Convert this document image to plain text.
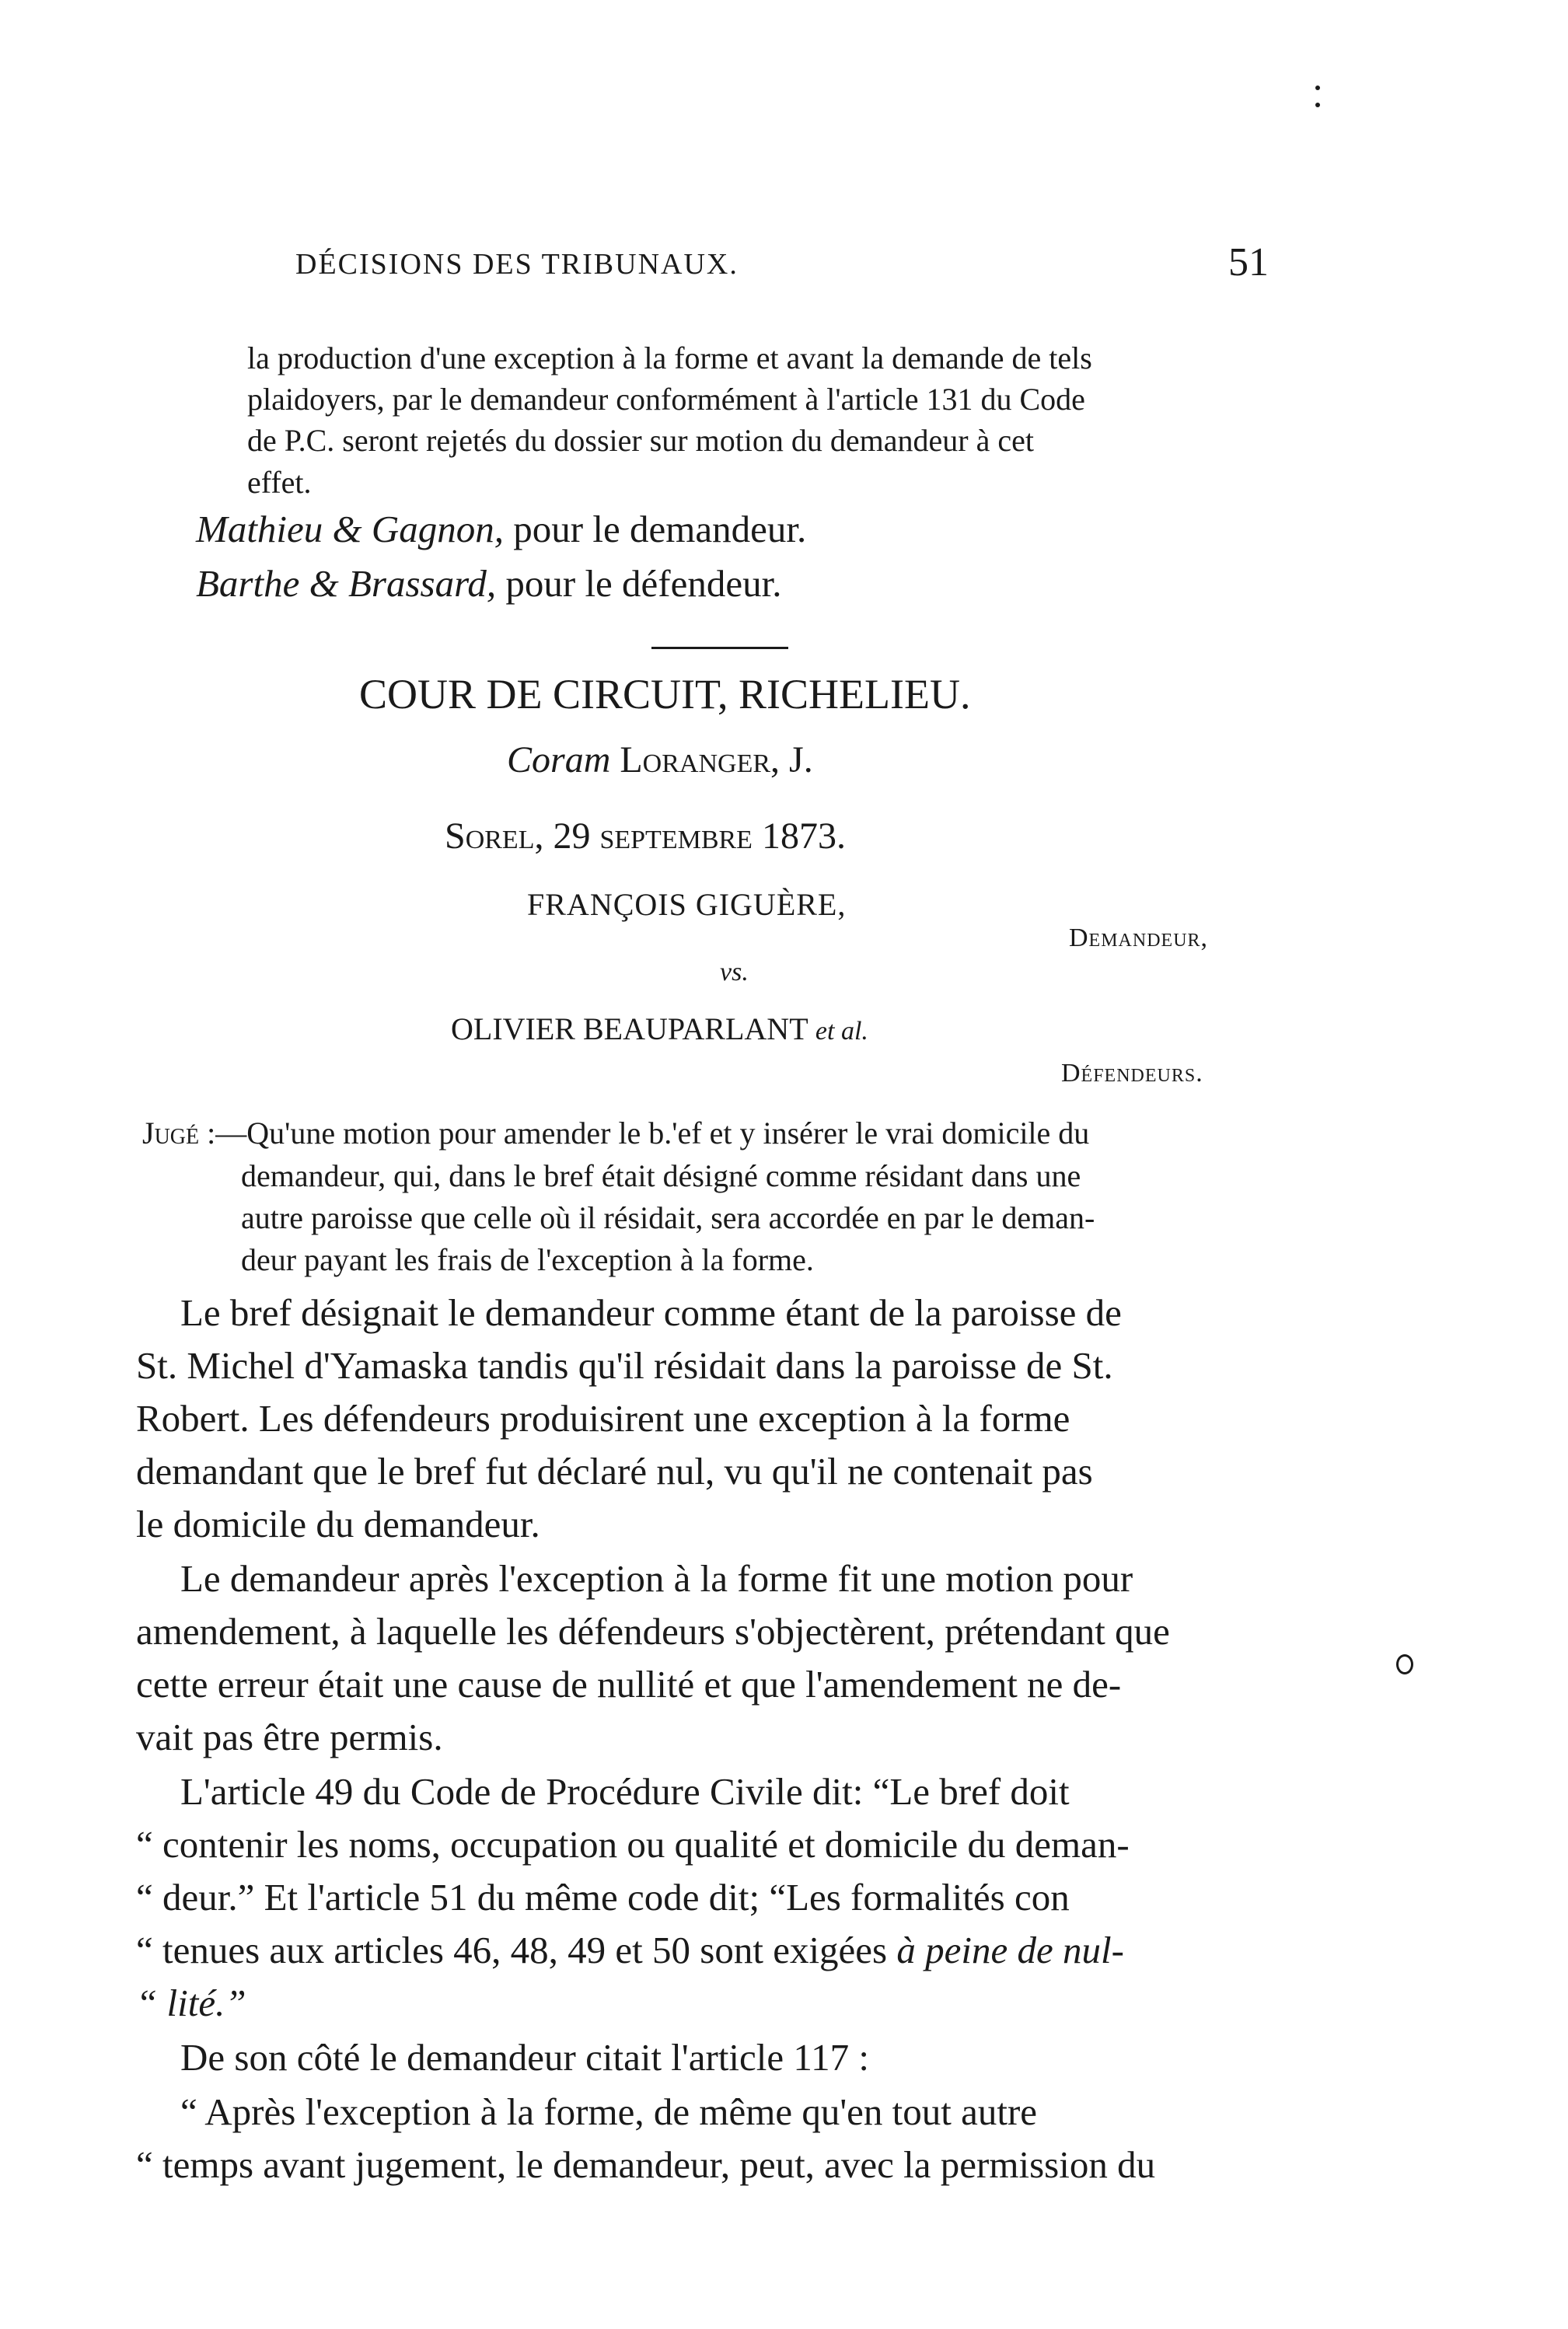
DÉCISIONS DES TRIBUNAUX.	51
la production d'une exception à la forme et avant la demande de tels
plaidoyers, par le demandeur conformément à l'article 131 du Code
de P.C. seront rejetés du dossier sur motion du demandeur à cet
effet.
Mathieu & Gagnon, pour le demandeur.
Barthe & Brassard, pour le défendeur.
COUR DE CIRCUIT, RICHELIEU.
Coram Loranger, J.
Sorel, 29 septembre 1873.
FRANÇOIS GIGUÈRE,
Demandeur,
vs.
OLIVIER BEAUPARLANT et al.
Défendeurs.
Jugé :—Qu'une motion pour amender le b.'ef et y insérer le vrai domicile du
demandeur, qui, dans le bref était désigné comme résidant dans une
autre paroisse que celle où il résidait, sera accordée en par le deman-
deur payant les frais de l'exception à la forme.
Le bref désignait le demandeur comme étant de la paroisse de
St. Michel d'Yamaska tandis qu'il résidait dans la paroisse de St.
Robert. Les défendeurs produisirent une exception à la forme
demandant que le bref fut déclaré nul, vu qu'il ne contenait pas
le domicile du demandeur.
Le demandeur après l'exception à la forme fit une motion pour
amendement, à laquelle les défendeurs s'objectèrent, prétendant que
cette erreur était une cause de nullité et que l'amendement ne de-
vait pas être permis.
L'article 49 du Code de Procédure Civile dit: “Le bref doit
“ contenir les noms, occupation ou qualité et domicile du deman-
“ deur.” Et l'article 51 du même code dit; “Les formalités con
“ tenues aux articles 46, 48, 49 et 50 sont exigées à peine de nul-
“ lité.”
De son côté le demandeur citait l'article 117 :
“ Après l'exception à la forme, de même qu'en tout autre
“ temps avant jugement, le demandeur, peut, avec la permission du
